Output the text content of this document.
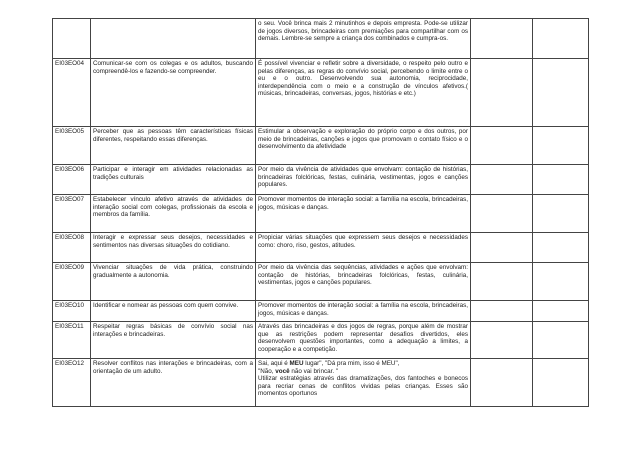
		o seu. Você brinca mais 2 minutinhos e depois empresta. Pode-se utilizar de jogos diversos, brincadeiras com premiações para compartilhar com os demais. Lembre-se sempre a criança dos combinados e cumpra-os.		
EI03EO04	Comunicar-se com os colegas e os adultos, buscando compreendê-los e fazendo-se compreender.	É possível vivenciar e refletir sobre a diversidade, o respeito pelo outro e pelas diferenças, as regras do convívio social, percebendo o limite entre o eu e o outro. Desenvolvendo sua autonomia, reciprocidade, interdependência com o meio e a construção de vínculos afetivos.( músicas, brincadeiras, conversas, jogos, histórias e etc.)		
EI03EO05	Perceber que as pessoas têm características físicas diferentes, respeitando essas diferenças.	Estimular a observação e exploração do próprio corpo e dos outros, por meio de brincadeiras, canções e jogos que promovam o contato físico e o desenvolvimento da afetividade		
EI03EO06	Participar e interagir em atividades relacionadas as tradições culturais	Por meio da vivência de atividades que envolvam: contação de histórias, brincadeiras folclóricas, festas, culinária, vestimentas, jogos e canções populares.		
EI03EO07	Estabelecer vínculo afetivo através de atividades de interação social com colegas, profissionais da escola e membros da família.	Promover momentos de interação social: a família na escola, brincadeiras, jogos, músicas e danças.		
EI03EO08	Interagir e expressar seus desejos, necessidades e sentimentos nas diversas situações do cotidiano.	Propiciar várias situações que expressem seus desejos e necessidades como: choro, riso, gestos, atitudes.		
EI03EO09	Vivenciar situações de vida prática, construindo gradualmente a autonomia.	Por meio da vivência das sequências, atividades e ações que envolvam: contação de histórias, brincadeiras folclóricas, festas, culinária, vestimentas, jogos e canções populares.		
EI03EO10	Identificar e nomear as pessoas com quem convive.	Promover momentos de interação social: a família na escola, brincadeiras, jogos, músicas e danças.		
EI03EO11	Respeitar regras básicas de convívio social nas interações e brincadeiras.	Através das brincadeiras e dos jogos de regras, porque além de mostrar que as restrições podem representar desafios divertidos, eles desenvolvem questões importantes, como a adequação a limites, a cooperação e a competição.		
EI03EO12	Resolver conflitos nas interações e brincadeiras, com a orientação de um adulto.	Sai, aqui é MEU lugar", "Dá pra mim, isso é MEU",
"Não, você não vai brincar. "
Utilizar estratégias através das dramatizações, dos fantoches e bonecos para recriar cenas de conflitos vividas pelas crianças. Esses são momentos oportunos		
